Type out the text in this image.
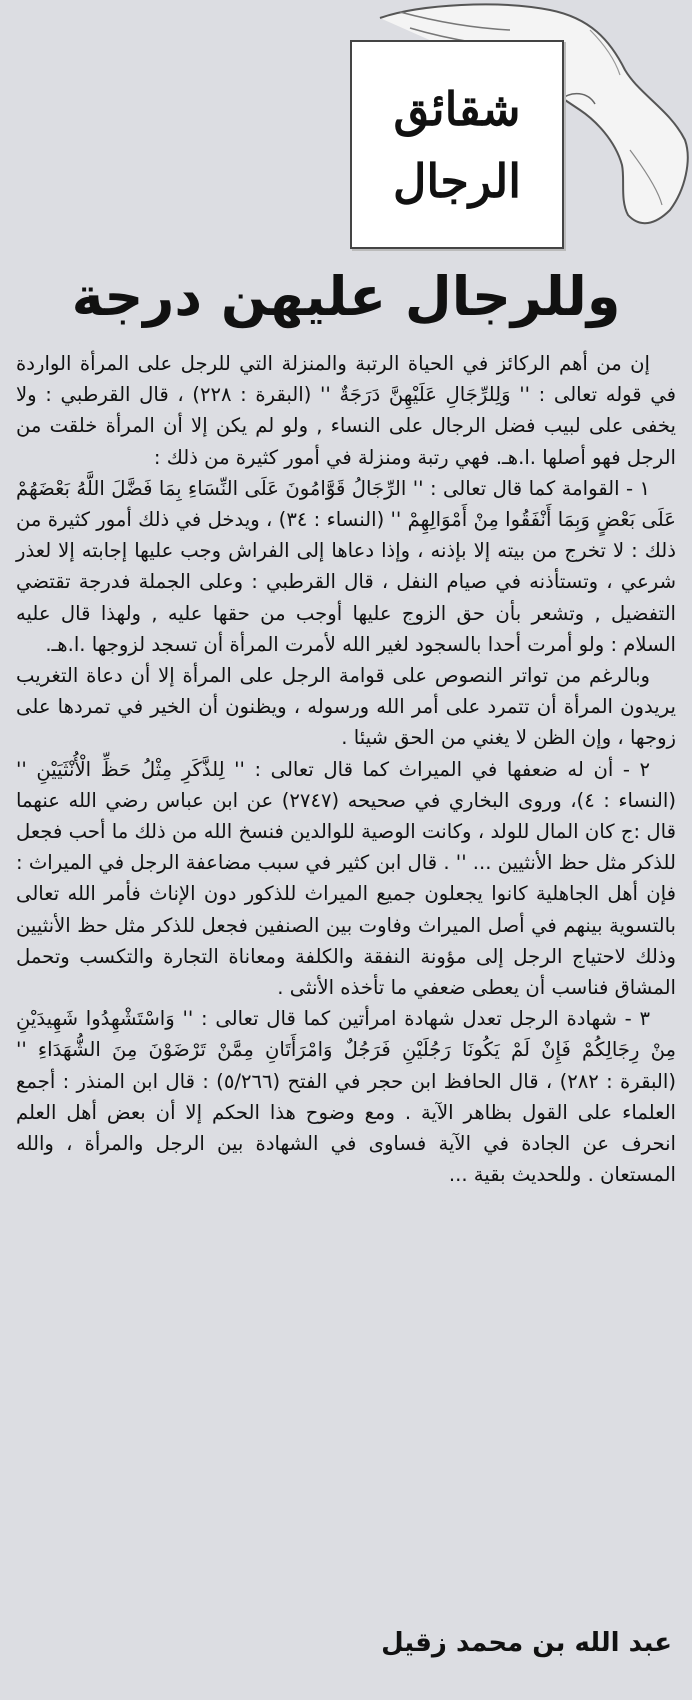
شقائق
الرجال
وللرجال عليهن درجة

إن من أهم الركائز في الحياة الرتبة والمنزلة التي للرجل على المرأة الواردة في قوله تعالى : '' وَلِلرِّجَالِ عَلَيْهِنَّ دَرَجَةٌ '' (البقرة : ٢٢٨) ، قال القرطبي : ولا يخفى على لبيب فضل الرجال على النساء , ولو لم يكن إلا أن المرأة خلقت من الرجل فهو أصلها .ا.هـ. فهي رتبة ومنزلة في أمور كثيرة من ذلك :

١ - القوامة كما قال تعالى : '' الرِّجَالُ قَوَّامُونَ عَلَى النِّسَاءِ بِمَا فَضَّلَ اللَّهُ بَعْضَهُمْ عَلَى بَعْضٍ وَبِمَا أَنْفَقُوا مِنْ أَمْوَالِهِمْ '' (النساء : ٣٤) ، ويدخل في ذلك أمور كثيرة من ذلك : لا تخرج من بيته إلا بإذنه ، وإذا دعاها إلى الفراش وجب عليها إجابته إلا لعذر شرعي ، وتستأذنه في صيام النفل ، قال القرطبي : وعلى الجملة فدرجة تقتضي التفضيل , وتشعر بأن حق الزوج عليها أوجب من حقها عليه , ولهذا قال عليه السلام : ولو أمرت أحدا بالسجود لغير الله لأمرت المرأة أن تسجد لزوجها .ا.هـ.

وبالرغم من تواتر النصوص على قوامة الرجل على المرأة إلا أن دعاة التغريب يريدون المرأة أن تتمرد على أمر الله ورسوله ، ويظنون أن الخير في تمردها على زوجها ، وإن الظن لا يغني من الحق شيئا .

٢ - أن له ضعفها في الميراث كما قال تعالى : '' لِلذَّكَرِ مِثْلُ حَظِّ الْأُنْثَيَيْنِ '' (النساء : ٤)، وروى البخاري في صحيحه (٢٧٤٧) عن ابن عباس رضي الله عنهما قال :ج كان المال للولد ، وكانت الوصية للوالدين فنسخ الله من ذلك ما أحب فجعل للذكر مثل حظ الأنثيين ... '' . قال ابن كثير في سبب مضاعفة الرجل في الميراث : فإن أهل الجاهلية كانوا يجعلون جميع الميراث للذكور دون الإناث فأمر الله تعالى بالتسوية بينهم في أصل الميراث وفاوت بين الصنفين فجعل للذكر مثل حظ الأنثيين وذلك لاحتياج الرجل إلى مؤونة النفقة والكلفة ومعاناة التجارة والتكسب وتحمل المشاق فناسب أن يعطى ضعفي ما تأخذه الأنثى .

٣ - شهادة الرجل تعدل شهادة امرأتين كما قال تعالى : '' وَاسْتَشْهِدُوا شَهِيدَيْنِ مِنْ رِجَالِكُمْ فَإِنْ لَمْ يَكُونَا رَجُلَيْنِ فَرَجُلٌ وَامْرَأَتَانِ مِمَّنْ تَرْضَوْنَ مِنَ الشُّهَدَاءِ '' (البقرة : ٢٨٢) ، قال الحافظ ابن حجر في الفتح (٥/٢٦٦) : قال ابن المنذر : أجمع العلماء على القول بظاهر الآية . ومع وضوح هذا الحكم إلا أن بعض أهل العلم انحرف عن الجادة في الآية فساوى في الشهادة بين الرجل والمرأة ، والله المستعان . وللحديث بقية ...

عبد الله بن محمد زقيل
